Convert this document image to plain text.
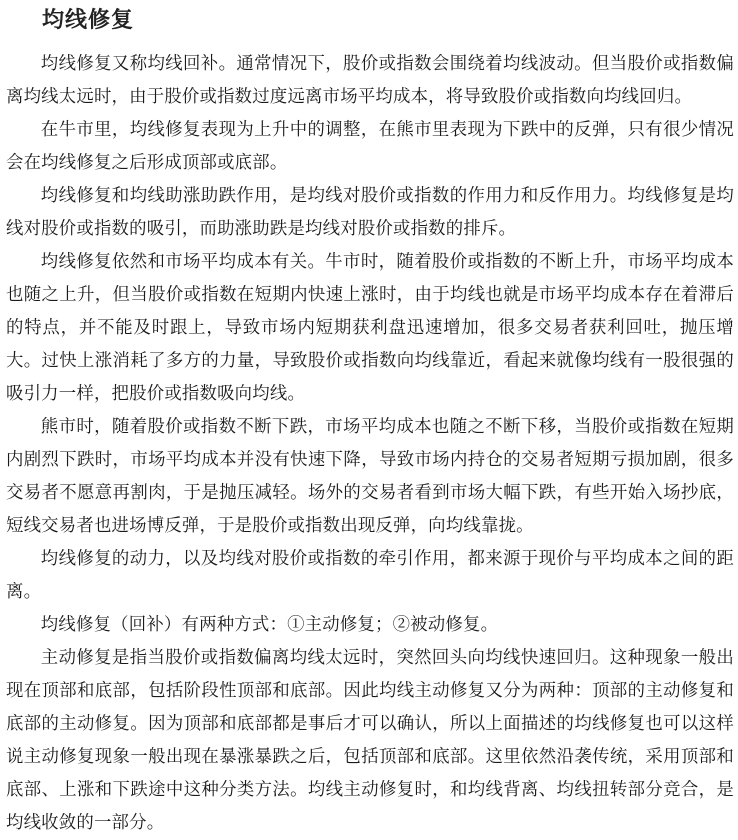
均线修复

均线修复又称均线回补。通常情况下，股价或指数会围绕着均线波动。但当股价或指数偏离均线太远时，由于股价或指数过度远离市场平均成本，将导致股价或指数向均线回归。

在牛市里，均线修复表现为上升中的调整，在熊市里表现为下跌中的反弹，只有很少情况会在均线修复之后形成顶部或底部。

均线修复和均线助涨助跌作用，是均线对股价或指数的作用力和反作用力。均线修复是均线对股价或指数的吸引，而助涨助跌是均线对股价或指数的排斥。

均线修复依然和市场平均成本有关。牛市时，随着股价或指数的不断上升，市场平均成本也随之上升，但当股价或指数在短期内快速上涨时，由于均线也就是市场平均成本存在着滞后的特点，并不能及时跟上，导致市场内短期获利盘迅速增加，很多交易者获利回吐，抛压增大。过快上涨消耗了多方的力量，导致股价或指数向均线靠近，看起来就像均线有一股很强的吸引力一样，把股价或指数吸向均线。

熊市时，随着股价或指数不断下跌，市场平均成本也随之不断下移，当股价或指数在短期内剧烈下跌时，市场平均成本并没有快速下降，导致市场内持仓的交易者短期亏损加剧，很多交易者不愿意再割肉，于是抛压减轻。场外的交易者看到市场大幅下跌，有些开始入场抄底，短线交易者也进场博反弹，于是股价或指数出现反弹，向均线靠拢。

均线修复的动力，以及均线对股价或指数的牵引作用，都来源于现价与平均成本之间的距离。

均线修复（回补）有两种方式：①主动修复；②被动修复。

主动修复是指当股价或指数偏离均线太远时，突然回头向均线快速回归。这种现象一般出现在顶部和底部，包括阶段性顶部和底部。因此均线主动修复又分为两种：顶部的主动修复和底部的主动修复。因为顶部和底部都是事后才可以确认，所以上面描述的均线修复也可以这样说主动修复现象一般出现在暴涨暴跌之后，包括顶部和底部。这里依然沿袭传统，采用顶部和底部、上涨和下跌途中这种分类方法。均线主动修复时，和均线背离、均线扭转部分竞合，是均线收敛的一部分。
